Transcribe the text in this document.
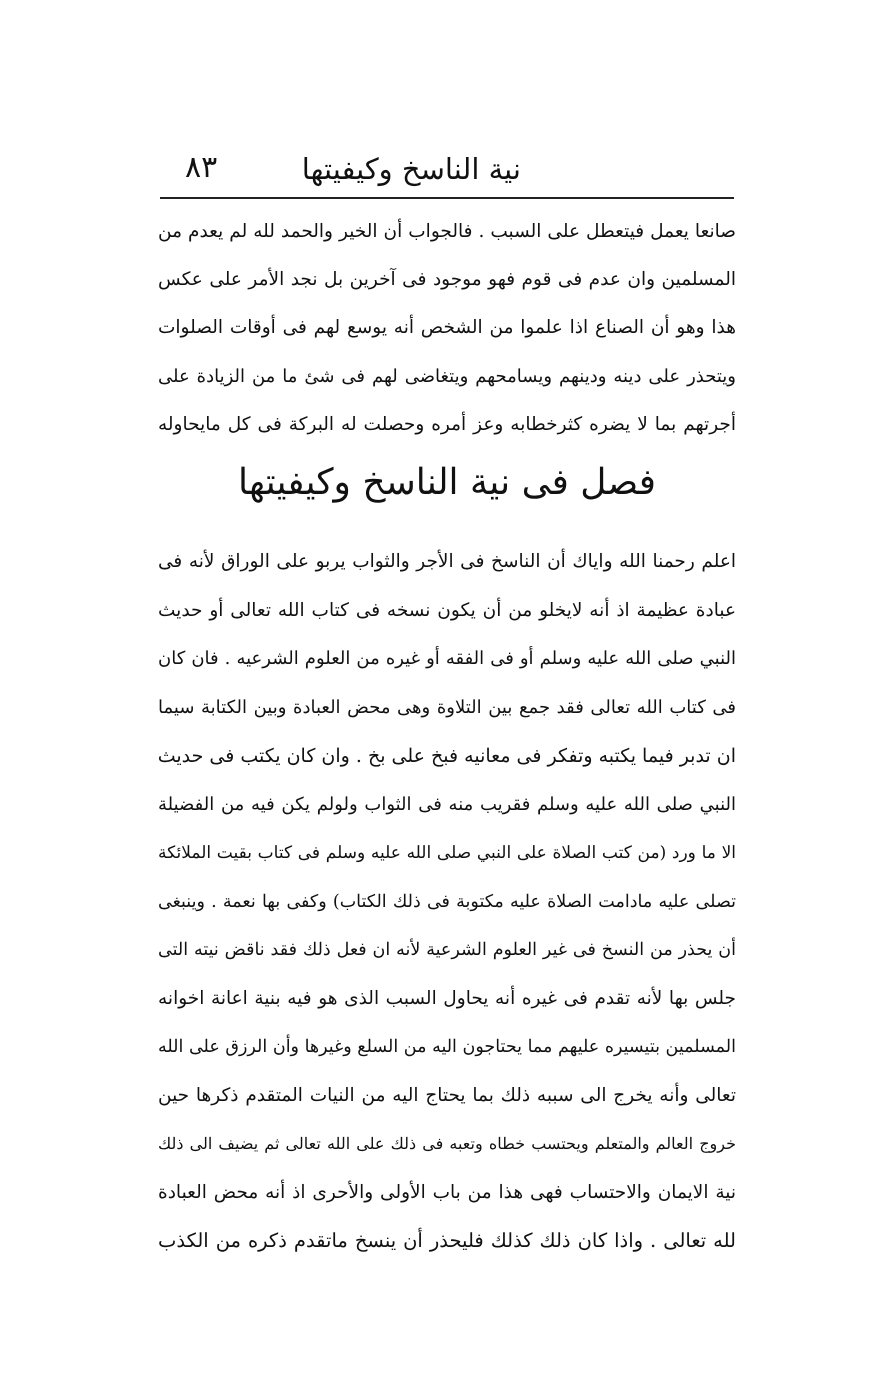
نية الناسخ وكيفيتها
٨٣
صانعا يعمل فيتعطل على السبب . فالجواب أن الخير والحمد لله لم يعدم من
المسلمين وان عدم فى قوم فهو موجود فى آخرين بل نجد الأمر على عكس
هذا وهو أن الصناع اذا علموا من الشخص أنه يوسع لهم فى أوقات الصلوات
ويتحذر على دينه ودينهم ويسامحهم ويتغاضى لهم فى شئ ما من الزيادة على
أجرتهم بما لا يضره كثرخطابه وعز أمره وحصلت له البركة فى كل مايحاوله
فصل فى نية الناسخ وكيفيتها
اعلم رحمنا الله واياك أن الناسخ فى الأجر والثواب يربو على الوراق لأنه فى
عبادة عظيمة اذ أنه لايخلو من أن يكون نسخه فى كتاب الله تعالى أو حديث
النبي صلى الله عليه وسلم أو فى الفقه أو غيره من العلوم الشرعيه . فان كان
فى كتاب الله تعالى فقد جمع بين التلاوة وهى محض العبادة وبين الكتابة سيما
ان تدبر فيما يكتبه وتفكر فى معانيه فبخ على بخ . وان كان يكتب فى حديث
النبي صلى الله عليه وسلم فقريب منه فى الثواب ولولم يكن فيه من الفضيلة
الا ما ورد (من كتب الصلاة على النبي صلى الله عليه وسلم فى كتاب بقيت الملائكة
تصلى عليه مادامت الصلاة عليه مكتوبة فى ذلك الكتاب) وكفى بها نعمة . وينبغى
أن يحذر من النسخ فى غير العلوم الشرعية لأنه ان فعل ذلك فقد ناقض نيته التى
جلس بها لأنه تقدم فى غيره أنه يحاول السبب الذى هو فيه بنية اعانة اخوانه
المسلمين بتيسيره عليهم مما يحتاجون اليه من السلع وغيرها وأن الرزق على الله
تعالى وأنه يخرج الى سببه ذلك بما يحتاج اليه من النيات المتقدم ذكرها حين
خروج العالم والمتعلم ويحتسب خطاه وتعبه فى ذلك على الله تعالى ثم يضيف الى ذلك
نية الايمان والاحتساب فهى هذا من باب الأولى والأحرى اذ أنه محض العبادة
لله تعالى . واذا كان ذلك كذلك فليحذر أن ينسخ ماتقدم ذكره من الكذب
